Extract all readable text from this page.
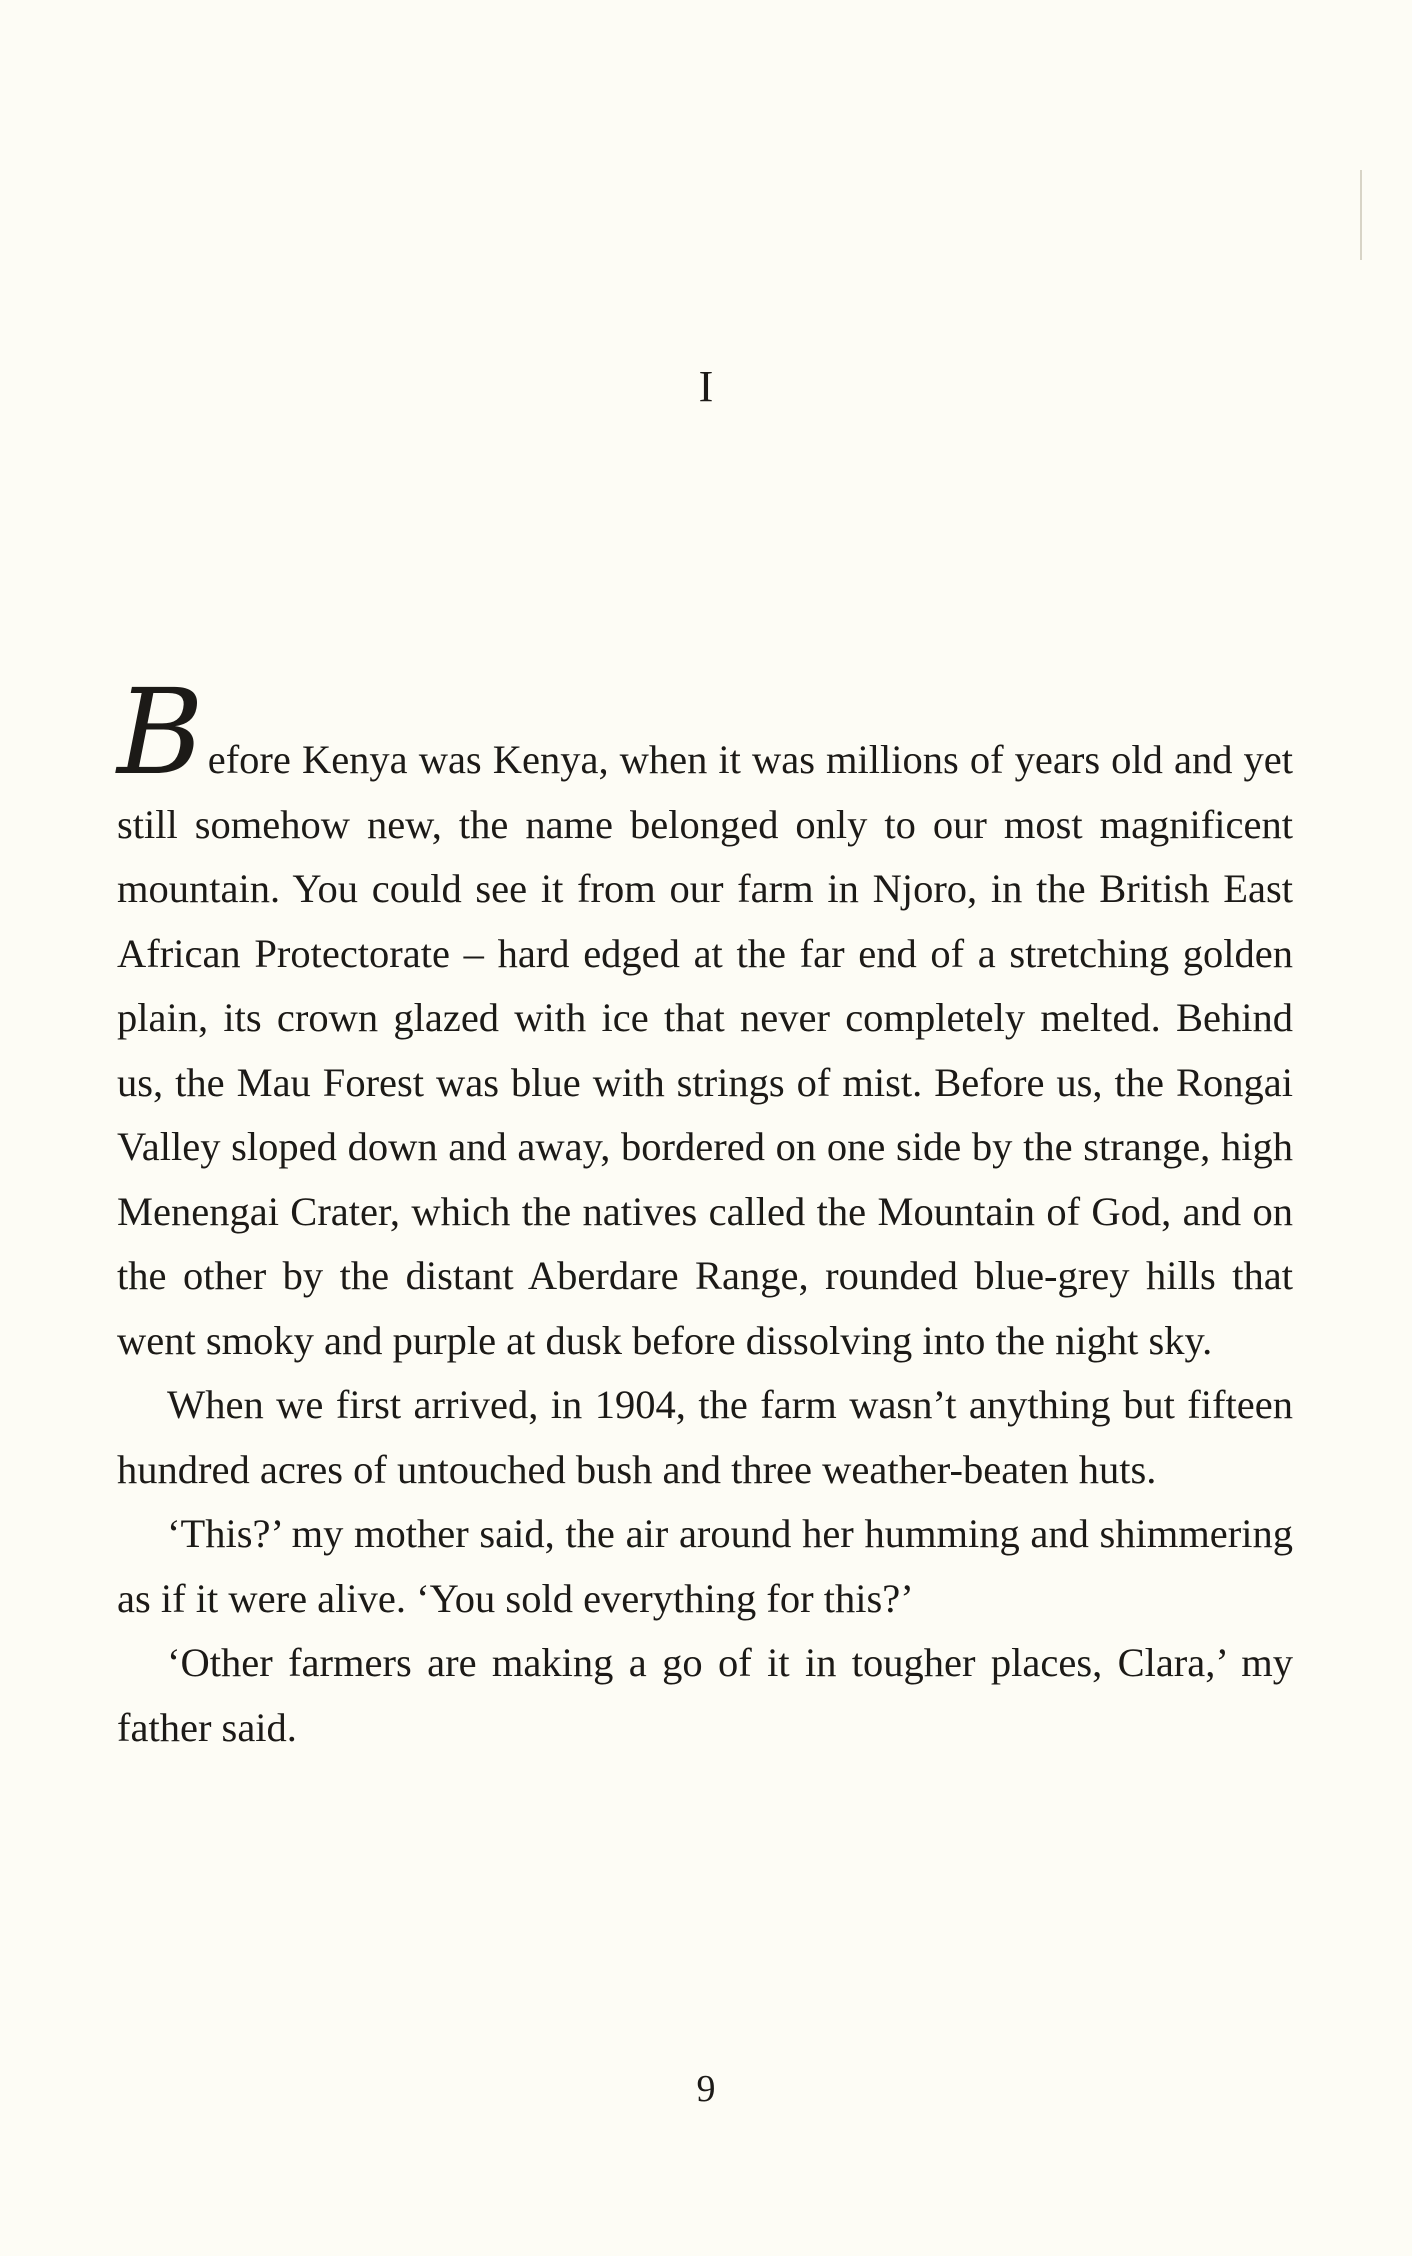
I

Before Kenya was Kenya, when it was millions of years old and yet still somehow new, the name belonged only to our most magnificent mountain. You could see it from our farm in Njoro, in the British East African Protectorate – hard edged at the far end of a stretching golden plain, its crown glazed with ice that never completely melted. Behind us, the Mau Forest was blue with strings of mist. Before us, the Rongai Valley sloped down and away, bordered on one side by the strange, high Menengai Crater, which the natives called the Mountain of God, and on the other by the distant Aberdare Range, rounded blue-grey hills that went smoky and purple at dusk before dissolving into the night sky.

When we first arrived, in 1904, the farm wasn’t anything but fifteen hundred acres of untouched bush and three weather-beaten huts.

‘This?’ my mother said, the air around her humming and shimmering as if it were alive. ‘You sold everything for this?’

‘Other farmers are making a go of it in tougher places, Clara,’ my father said.

9
